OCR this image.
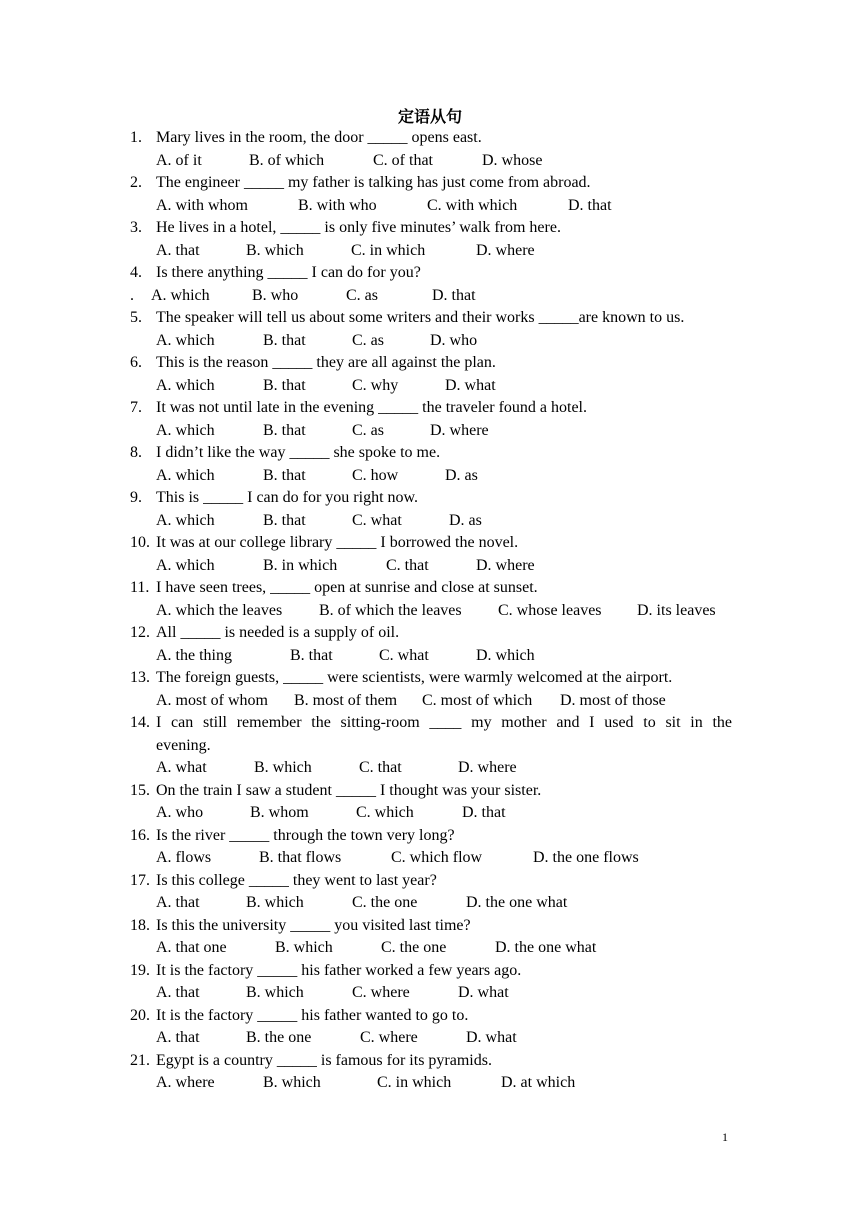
定语从句
1. Mary lives in the room, the door _____ opens east.
A. of it	B. of which	C. of that	D. whose
2. The engineer _____ my father is talking has just come from abroad.
A. with whom	B. with who	C. with which	D. that
3. He lives in a hotel, _____ is only five minutes’ walk from here.
A. that	B. which	C. in which	D. where
4. Is there anything _____ I can do for you?
. A. which	B. who	C. as	D. that
5. The speaker will tell us about some writers and their works _____are known to us.
A. which	B. that	C. as	D. who
6. This is the reason _____ they are all against the plan.
A. which	B. that	C. why	D. what
7. It was not until late in the evening _____ the traveler found a hotel.
A. which	B. that	C. as	D. where
8. I didn’t like the way _____ she spoke to me.
A. which	B. that	C. how	D. as
9. This is _____ I can do for you right now.
A. which	B. that	C. what	D. as
10. It was at our college library _____ I borrowed the novel.
A. which	B. in which	C. that	D. where
11. I have seen trees, _____ open at sunrise and close at sunset.
A. which the leaves B. of which the leaves C. whose leaves D. its leaves
12. All _____ is needed is a supply of oil.
A. the thing	B. that	C. what	D. which
13. The foreign guests, _____ were scientists, were warmly welcomed at the airport.
A. most of whom B. most of them C. most of which D. most of those
14. I can still remember the sitting-room ____ my mother and I used to sit in the
evening.
A. what	B. which	C. that	D. where
15. On the train I saw a student _____ I thought was your sister.
A. who	B. whom	C. which	D. that
16. Is the river _____ through the town very long?
A. flows	B. that flows	C. which flow	D. the one flows
17. Is this college _____ they went to last year?
A. that	B. which	C. the one	D. the one what
18. Is this the university _____ you visited last time?
A. that one	B. which	C. the one	D. the one what
19. It is the factory _____ his father worked a few years ago.
A. that	B. which	C. where	D. what
20. It is the factory _____ his father wanted to go to.
A. that	B. the one	C. where	D. what
21. Egypt is a country _____ is famous for its pyramids.
A. where	B. which	C. in which	D. at which
1
